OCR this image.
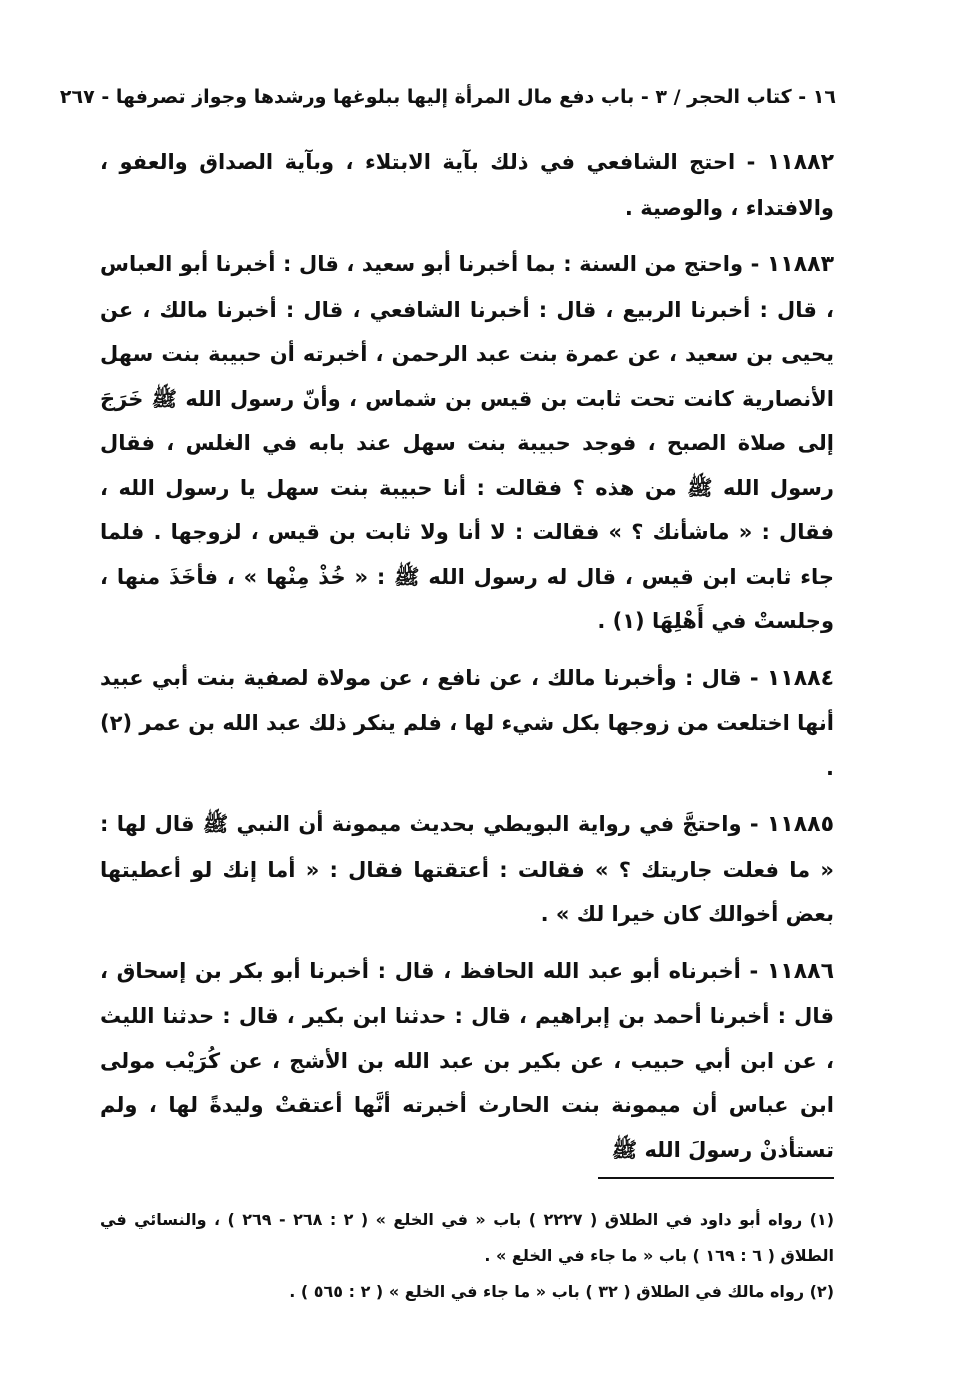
١٦ - كتاب الحجر / ٣ - باب دفع مال المرأة إليها ببلوغها ورشدها وجواز تصرفها - ٢٦٧

١١٨٨٢ - احتج الشافعي في ذلك بآية الابتلاء ، وبآية الصداق والعفو ، والافتداء ، والوصية .

١١٨٨٣ - واحتج من السنة : بما أخبرنا أبو سعيد ، قال : أخبرنا أبو العباس ، قال : أخبرنا الربيع ، قال : أخبرنا الشافعي ، قال : أخبرنا مالك ، عن يحيى بن سعيد ، عن عمرة بنت عبد الرحمن ، أخبرته أن حبيبة بنت سهل الأنصارية كانت تحت ثابت بن قيس بن شماس ، وأنّ رسول الله ﷺ خَرَجَ إلى صلاة الصبح ، فوجد حبيبة بنت سهل عند بابه في الغلس ، فقال رسول الله ﷺ من هذه ؟ فقالت : أنا حبيبة بنت سهل يا رسول الله ، فقال : « ماشأنك ؟ » فقالت : لا أنا ولا ثابت بن قيس ، لزوجها . فلما جاء ثابت ابن قيس ، قال له رسول الله ﷺ : « خُذْ مِنْها » ، فأخَذَ منها ، وجلستْ في أَهْلِهَا (١) .

١١٨٨٤ - قال : وأخبرنا مالك ، عن نافع ، عن مولاة لصفية بنت أبي عبيد أنها اختلعت من زوجها بكل شيء لها ، فلم ينكر ذلك عبد الله بن عمر (٢) .

١١٨٨٥ - واحتجَّ في رواية البويطي بحديث ميمونة أن النبي ﷺ قال لها : « ما فعلت جاريتك ؟ » فقالت : أعتقتها فقال : « أما إنك لو أعطيتها بعض أخوالك كان خيرا لك » .

١١٨٨٦ - أخبرناه أبو عبد الله الحافظ ، قال : أخبرنا أبو بكر بن إسحاق ، قال : أخبرنا أحمد بن إبراهيم ، قال : حدثنا ابن بكير ، قال : حدثنا الليث ، عن ابن أبي حبيب ، عن بكير بن عبد الله بن الأشج ، عن كُرَيْب مولى ابن عباس أن ميمونة بنت الحارث أخبرته أنَّها أعتقتْ وليدةً لها ، ولم تستأذنْ رسولَ الله ﷺ

(١) رواه أبو داود في الطلاق ( ٢٢٢٧ ) باب « في الخلع » ( ٢ : ٢٦٨ - ٢٦٩ ) ، والنسائي في الطلاق ( ٦ : ١٦٩ ) باب « ما جاء في الخلع » .

(٢) رواه مالك في الطلاق ( ٣٢ ) باب « ما جاء في الخلع » ( ٢ : ٥٦٥ ) .
